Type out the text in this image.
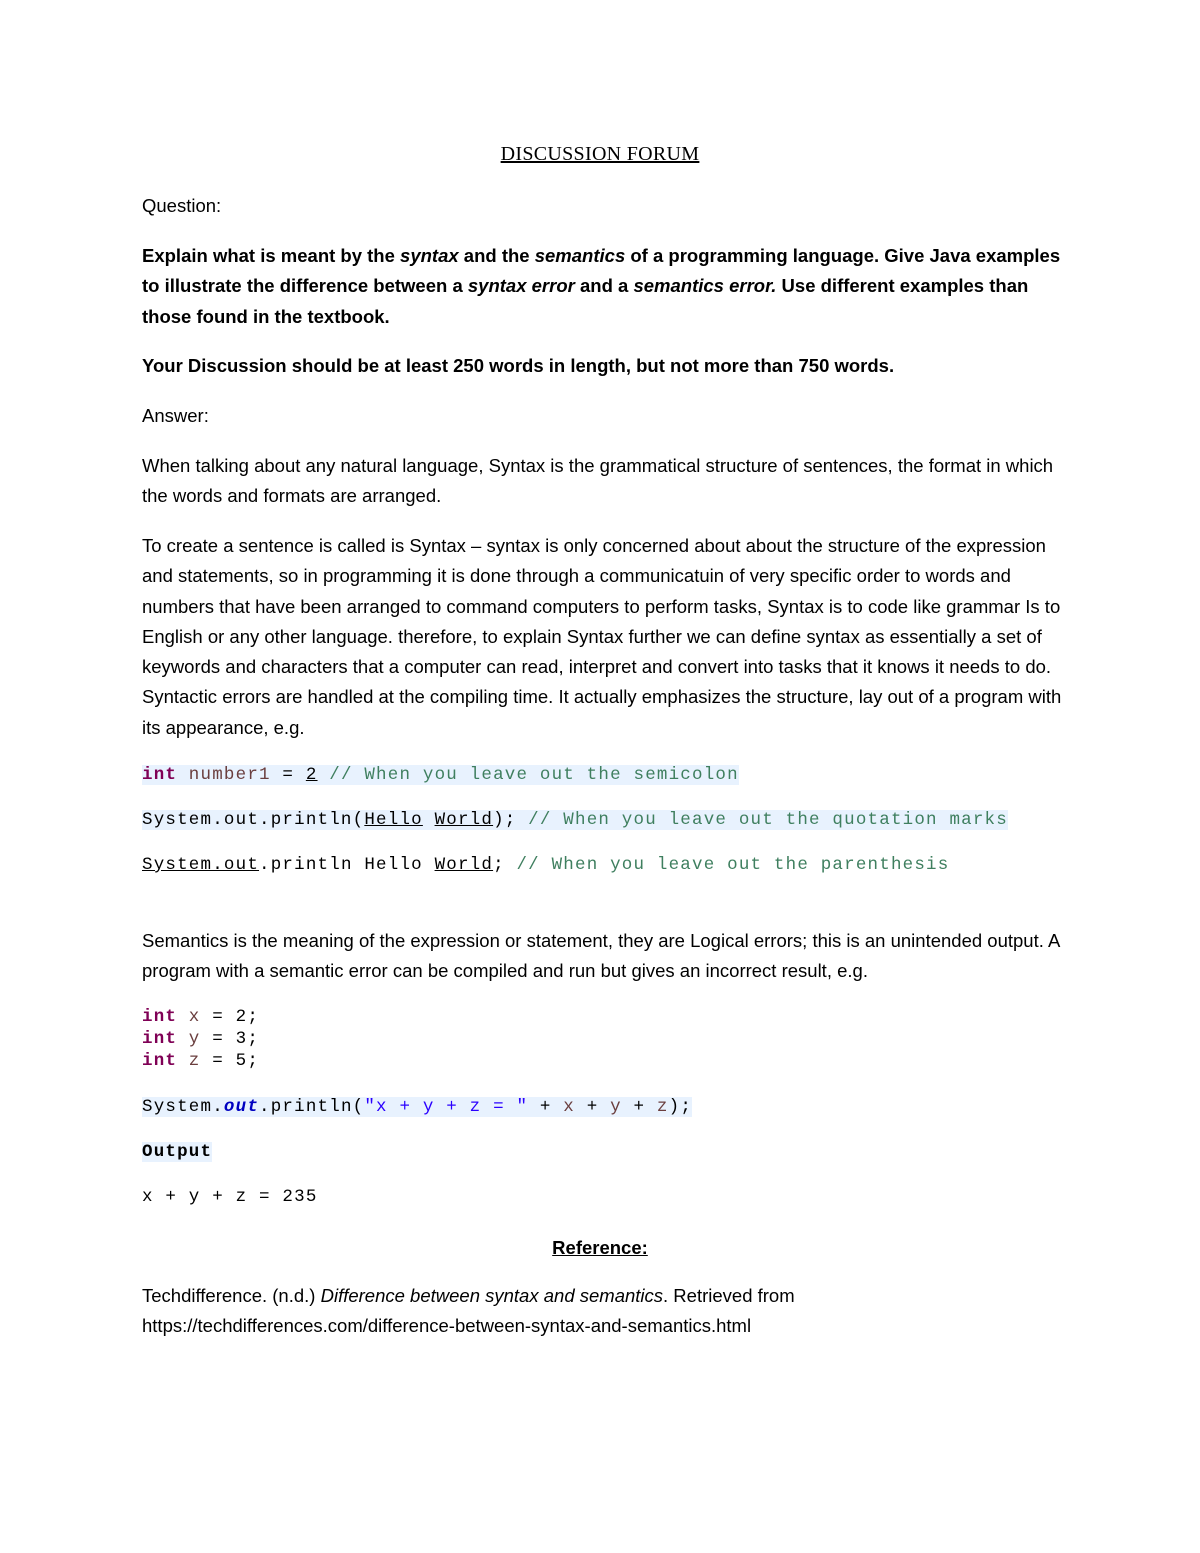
DISCUSSION FORUM
Question:
Explain what is meant by the syntax and the semantics of a programming language. Give Java examples to illustrate the difference between a syntax error and a semantics error. Use different examples than those found in the textbook.
Your Discussion should be at least 250 words in length, but not more than 750 words.
Answer:
When talking about any natural language, Syntax is the grammatical structure of sentences, the format in which the words and formats are arranged.
To create a sentence is called is Syntax – syntax is only concerned about about the structure of the expression and statements, so in programming it is done through a communicatuin of very specific order to words and numbers that have been arranged to command computers to perform tasks, Syntax is to code like grammar Is to English or any other language. therefore, to explain Syntax further we can define syntax as essentially a set of keywords and characters that a computer can read, interpret and convert into tasks that it knows it needs to do. Syntactic errors are handled at the compiling time. It actually emphasizes the structure, lay out of a program with its appearance, e.g.
int number1 = 2 // When you leave out the semicolon
System.out.println(Hello World); // When you leave out the quotation marks
System.out.println Hello World; // When you leave out the parenthesis
Semantics is the meaning of the expression or statement, they are Logical errors; this is an unintended output. A program with a semantic error can be compiled and run but gives an incorrect result, e.g.
int x = 2;
int y = 3;
int z = 5;
System.out.println("x + y + z = " + x + y + z);
Output
x + y + z = 235
Reference:
Techdifference. (n.d.) Difference between syntax and semantics. Retrieved from
https://techdifferences.com/difference-between-syntax-and-semantics.html
